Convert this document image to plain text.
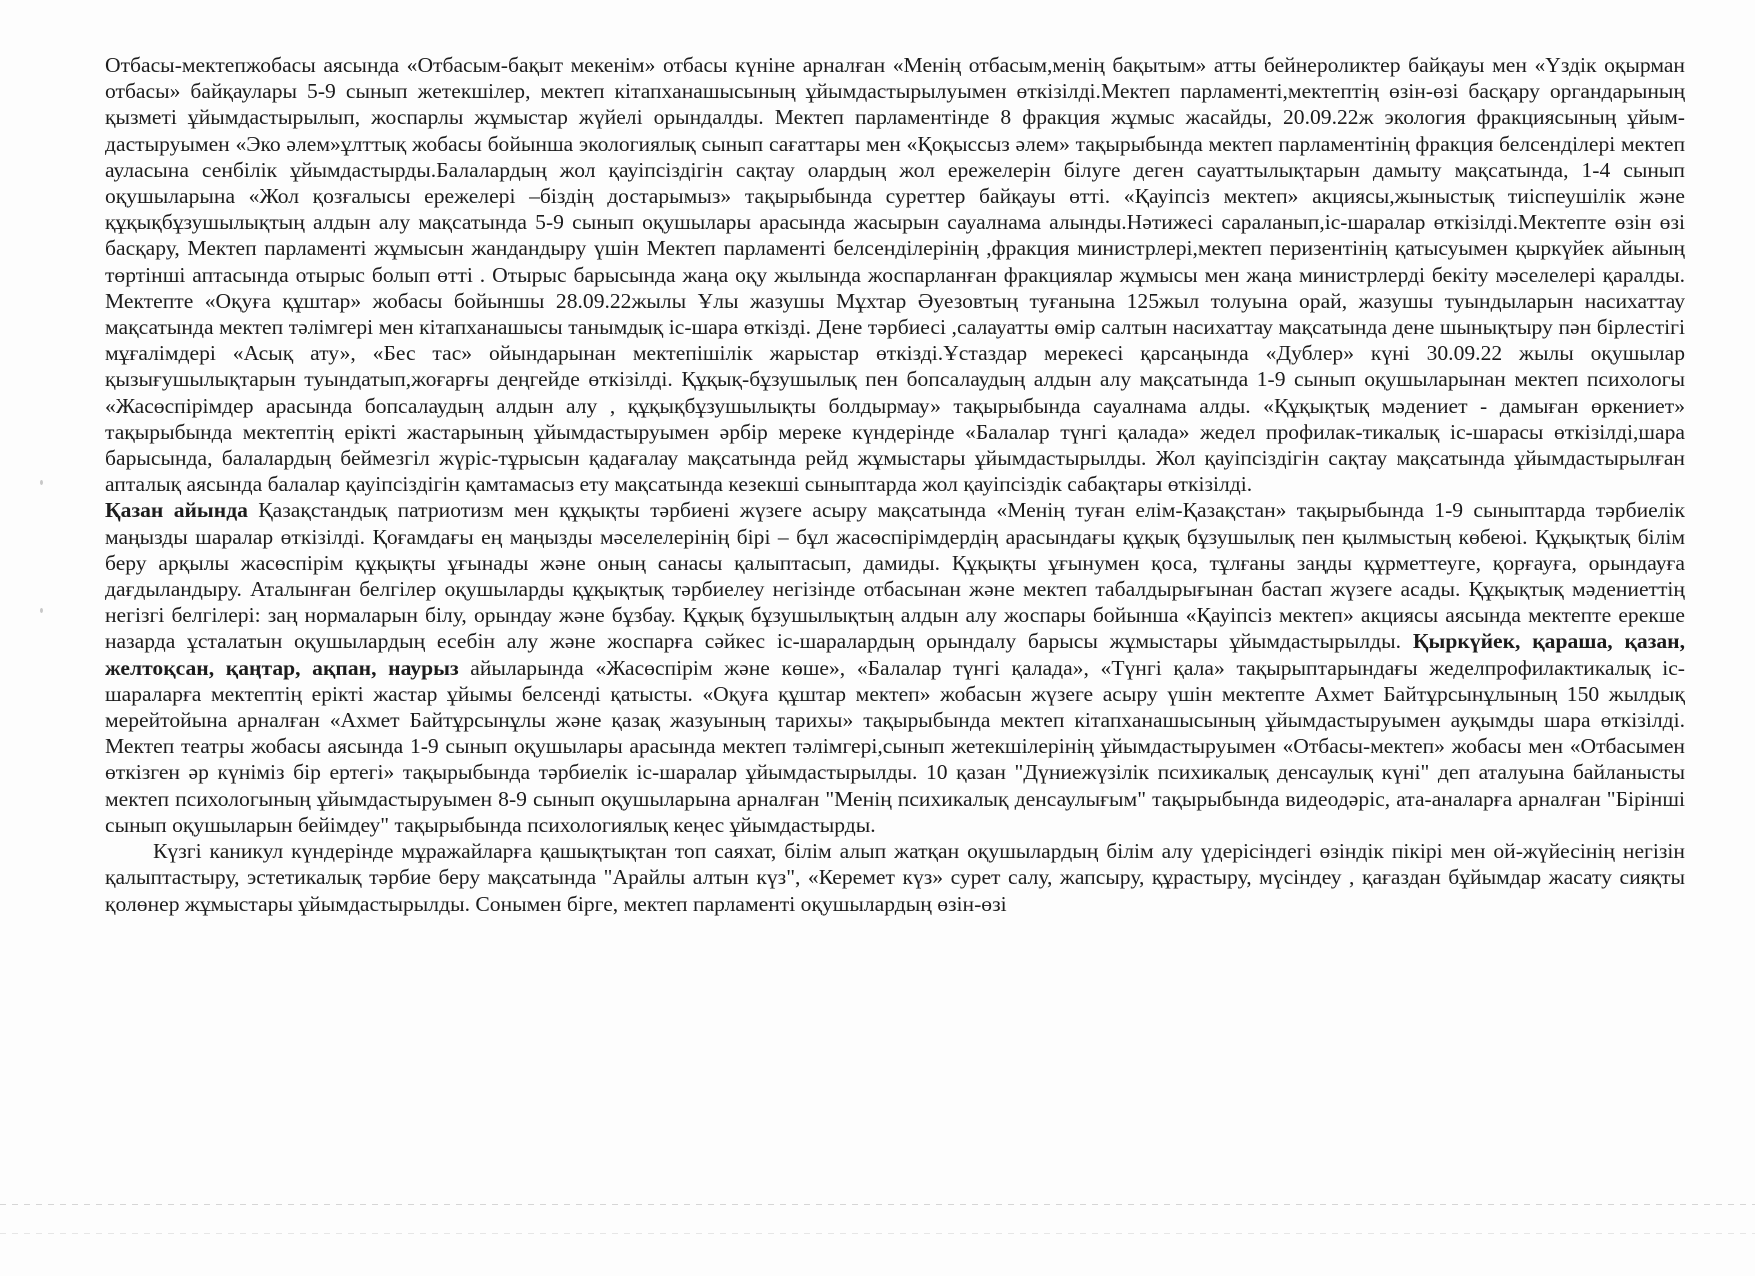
Отбасы-мектепжобасы аясында «Отбасым-бақыт мекенім» отбасы күніне арналған «Менің отбасым,менің бақытым» атты бейнероликтер байқауы мен «Үздік оқырман отбасы» байқаулары 5-9 сынып жетекшілер, мектеп кітапханашысының ұйымдастырылуымен өткізілді.Мектеп парламенті,мектептің өзін-өзі басқару органдарының қызметі ұйымдастырылып, жоспарлы жұмыстар жүйелі орындалды. Мектеп парламентінде 8 фракция жұмыс жасайды, 20.09.22ж экология фракциясының ұйым-дастыруымен «Эко әлем»ұлттық жобасы бойынша экологиялық сынып сағаттары мен «Қоқыссыз әлем» тақырыбында мектеп парламентінің фракция белсенділері мектеп ауласына сенбілік ұйымдастырды.Балалардың жол қауіпсіздігін сақтау олардың жол ережелерін білуге деген сауаттылықтарын дамыту мақсатында, 1-4 сынып оқушыларына «Жол қозғалысы ережелері –біздің достарымыз» тақырыбында суреттер байқауы өтті. «Қауіпсіз мектеп» акциясы,жыныстық тиіспеушілік және құқықбұзушылықтың алдын алу мақсатында 5-9 сынып оқушылары арасында жасырын сауалнама алынды.Нәтижесі сараланып,іс-шаралар өткізілді.Мектепте өзін өзі басқару, Мектеп парламенті жұмысын жандандыру үшін Мектеп парламенті белсенділерінің ,фракция министрлері,мектеп перизентінің қатысуымен қыркүйек айының төртінші аптасында отырыс болып өтті . Отырыс барысында жаңа оқу жылында жоспарланған фракциялар жұмысы мен жаңа министрлерді бекіту мәселелері қаралды. Мектепте «Оқуға құштар» жобасы бойыншы 28.09.22жылы Ұлы жазушы Мұхтар Әуезовтың туғанына 125жыл толуына орай, жазушы туындыларын насихаттау мақсатында мектеп тәлімгері мен кітапханашысы танымдық іс-шара өткізді. Дене тәрбиесі ,салауатты өмір салтын насихаттау мақсатында дене шынықтыру пән бірлестігі мұғалімдері «Асық ату», «Бес тас» ойындарынан мектепішілік жарыстар өткізді.Ұстаздар мерекесі қарсаңында «Дублер» күні 30.09.22 жылы оқушылар қызығушылықтарын туындатып,жоғарғы деңгейде өткізілді. Құқық-бұзушылық пен бопсалаудың алдын алу мақсатында 1-9 сынып оқушыларынан мектеп психологы «Жасөспірімдер арасында бопсалаудың алдын алу , құқықбұзушылықты болдырмау» тақырыбында сауалнама алды. «Құқықтық мәдениет - дамыған өркениет» тақырыбында мектептің ерікті жастарының ұйымдастыруымен әрбір мереке күндерінде «Балалар түнгі қалада» жедел профилак-тикалық іс-шарасы өткізілді,шара барысында, балалардың беймезгіл жүріс-тұрысын қадағалау мақсатында рейд жұмыстары ұйымдастырылды. Жол қауіпсіздігін сақтау мақсатында ұйымдастырылған апталық аясында балалар қауіпсіздігін қамтамасыз ету мақсатында кезекші сыныптарда жол қауіпсіздік сабақтары өткізілді.

Қазан айында Қазақстандық патриотизм мен құқықты тәрбиені жүзеге асыру мақсатында «Менің туған елім-Қазақстан» тақырыбында 1-9 сыныптарда тәрбиелік маңызды шаралар өткізілді. Қоғамдағы ең маңызды мәселелерінің бірі – бұл жасөспірімдердің арасындағы құқық бұзушылық пен қылмыстың көбеюі. Құқықтық білім беру арқылы жасөспірім құқықты ұғынады және оның санасы қалыптасып, дамиды. Құқықты ұғынумен қоса, тұлғаны заңды құрметтеуге, қорғауға, орындауға дағдыландыру. Аталынған белгілер оқушыларды құқықтық тәрбиелеу негізінде отбасынан және мектеп табалдырығынан бастап жүзеге асады. Құқықтық мәдениеттің негізгі белгілері: заң нормаларын білу, орындау және бұзбау. Құқық бұзушылықтың алдын алу жоспары бойынша «Қауіпсіз мектеп» акциясы аясында мектепте ерекше назарда ұсталатын оқушылардың есебін алу және жоспарға сәйкес іс-шаралардың орындалу барысы жұмыстары ұйымдастырылды. Қыркүйек, қараша, қазан, желтоқсан, қаңтар, ақпан, наурыз айыларында «Жасөспірім және көше», «Балалар түнгі қалада», «Түнгі қала» тақырыптарындағы жеделпрофилактикалық іс-шараларға мектептің ерікті жастар ұйымы белсенді қатысты. «Оқуға құштар мектеп» жобасын жүзеге асыру үшін мектепте Ахмет Байтұрсынұлының 150 жылдық мерейтойына арналған «Ахмет Байтұрсынұлы және қазақ жазуының тарихы» тақырыбында мектеп кітапханашысының ұйымдастыруымен ауқымды шара өткізілді. Мектеп театры жобасы аясында 1-9 сынып оқушылары арасында мектеп тәлімгері,сынып жетекшілерінің ұйымдастыруымен «Отбасы-мектеп» жобасы мен «Отбасымен өткізген әр күніміз бір ертегі» тақырыбында тәрбиелік іс-шаралар ұйымдастырылды. 10 қазан "Дүниежүзілік психикалық денсаулық күні" деп аталуына байланысты мектеп психологының ұйымдастыруымен 8-9 сынып оқушыларына арналған "Менің психикалық денсаулығым" тақырыбында видеодәріс, ата-аналарға арналған "Бірінші сынып оқушыларын бейімдеу" тақырыбында психологиялық кеңес ұйымдастырды.

Күзгі каникул күндерінде мұражайларға қашықтықтан топ саяхат, білім алып жатқан оқушылардың білім алу үдерісіндегі өзіндік пікірі мен ой-жүйесінің негізін қалыптастыру, эстетикалық тәрбие беру мақсатында "Арайлы алтын күз", «Керемет күз» сурет салу, жапсыру, құрастыру, мүсіндеу , қағаздан бұйымдар жасату сияқты қолөнер жұмыстары ұйымдастырылды. Сонымен бірге, мектеп парламенті оқушылардың өзін-өзі
